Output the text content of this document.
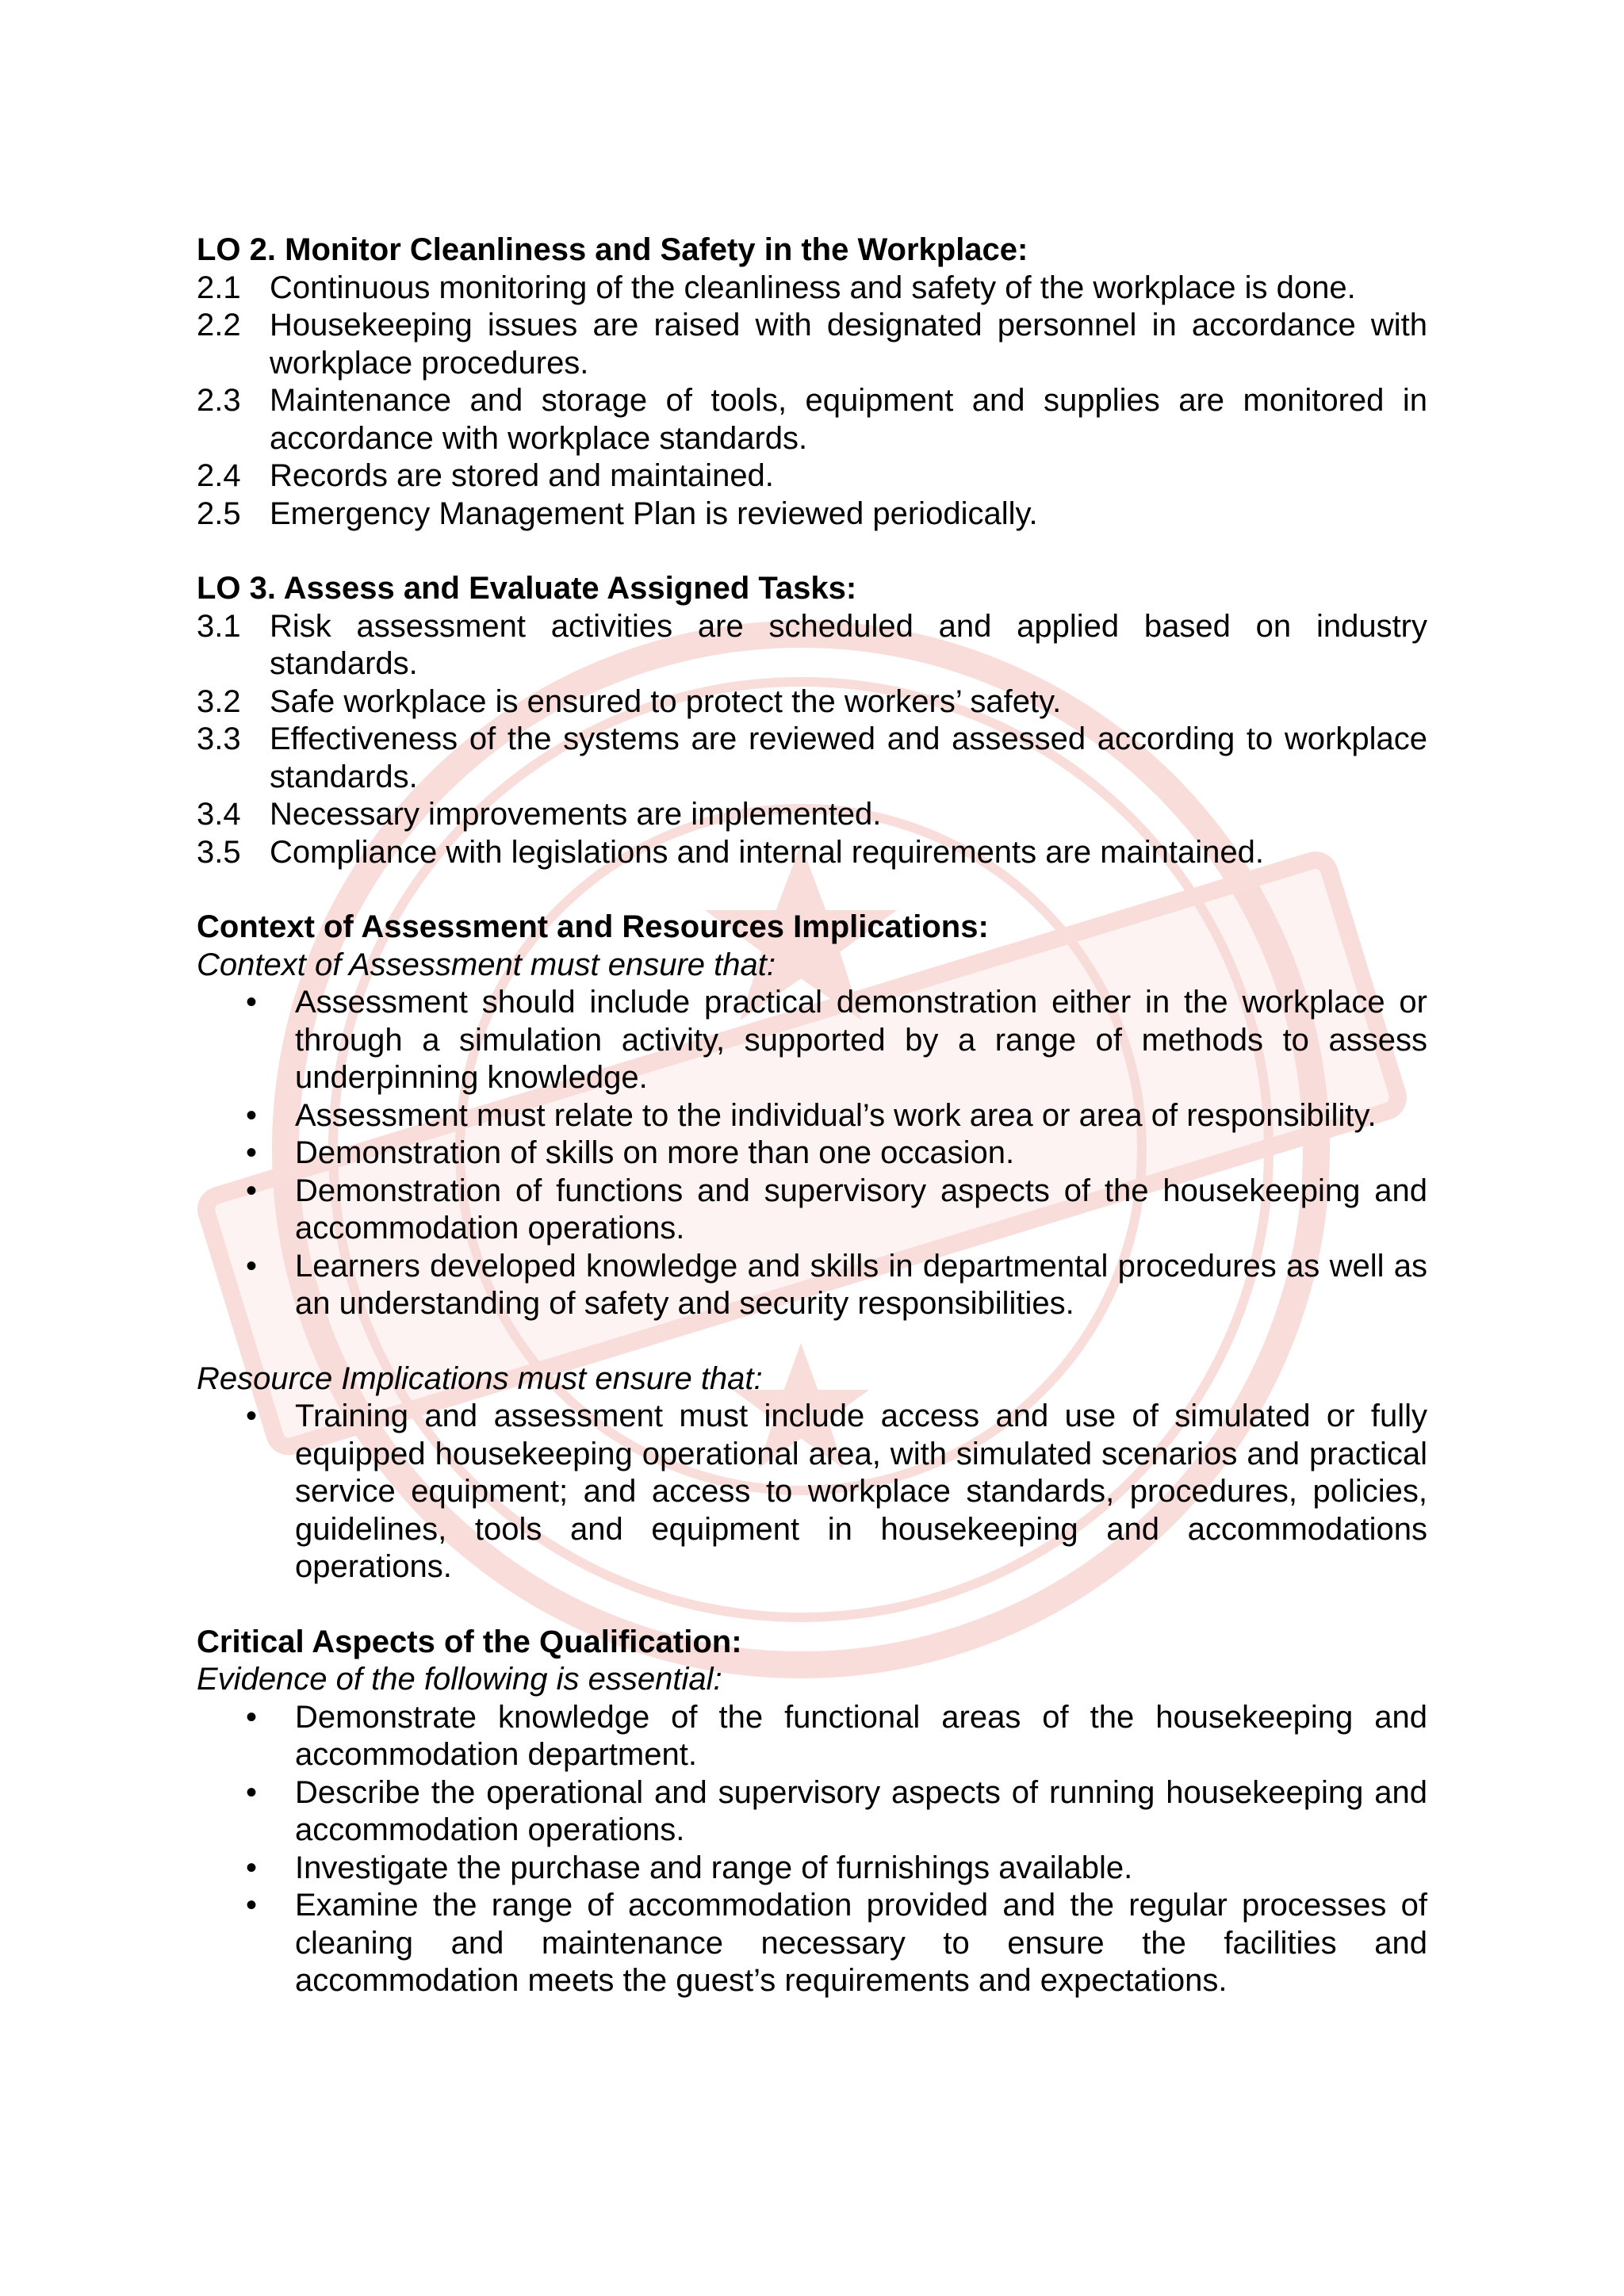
LO 2. Monitor Cleanliness and Safety in the Workplace:

2.1 Continuous monitoring of the cleanliness and safety of the workplace is done.
2.2 Housekeeping issues are raised with designated personnel in accordance with workplace procedures.
2.3 Maintenance and storage of tools, equipment and supplies are monitored in accordance with workplace standards.
2.4 Records are stored and maintained.
2.5 Emergency Management Plan is reviewed periodically.

LO 3. Assess and Evaluate Assigned Tasks:

3.1 Risk assessment activities are scheduled and applied based on industry standards.
3.2 Safe workplace is ensured to protect the workers’ safety.
3.3 Effectiveness of the systems are reviewed and assessed according to workplace standards.
3.4 Necessary improvements are implemented.
3.5 Compliance with legislations and internal requirements are maintained.

Context of Assessment and Resources Implications:

Context of Assessment must ensure that:

•	Assessment should include practical demonstration either in the workplace or through a simulation activity, supported by a range of methods to assess underpinning knowledge.
•	Assessment must relate to the individual’s work area or area of responsibility.
•	Demonstration of skills on more than one occasion.
•	Demonstration of functions and supervisory aspects of the housekeeping and accommodation operations.
•	Learners developed knowledge and skills in departmental procedures as well as an understanding of safety and security responsibilities.

Resource Implications must ensure that:

•	Training and assessment must include access and use of simulated or fully equipped housekeeping operational area, with simulated scenarios and practical service equipment; and access to workplace standards, procedures, policies, guidelines, tools and equipment in housekeeping and accommodations operations.

Critical Aspects of the Qualification:

Evidence of the following is essential:

•	Demonstrate knowledge of the functional areas of the housekeeping and accommodation department.
•	Describe the operational and supervisory aspects of running housekeeping and accommodation operations.
•	Investigate the purchase and range of furnishings available.
•	Examine the range of accommodation provided and the regular processes of cleaning and maintenance necessary to ensure the facilities and accommodation meets the guest’s requirements and expectations.
